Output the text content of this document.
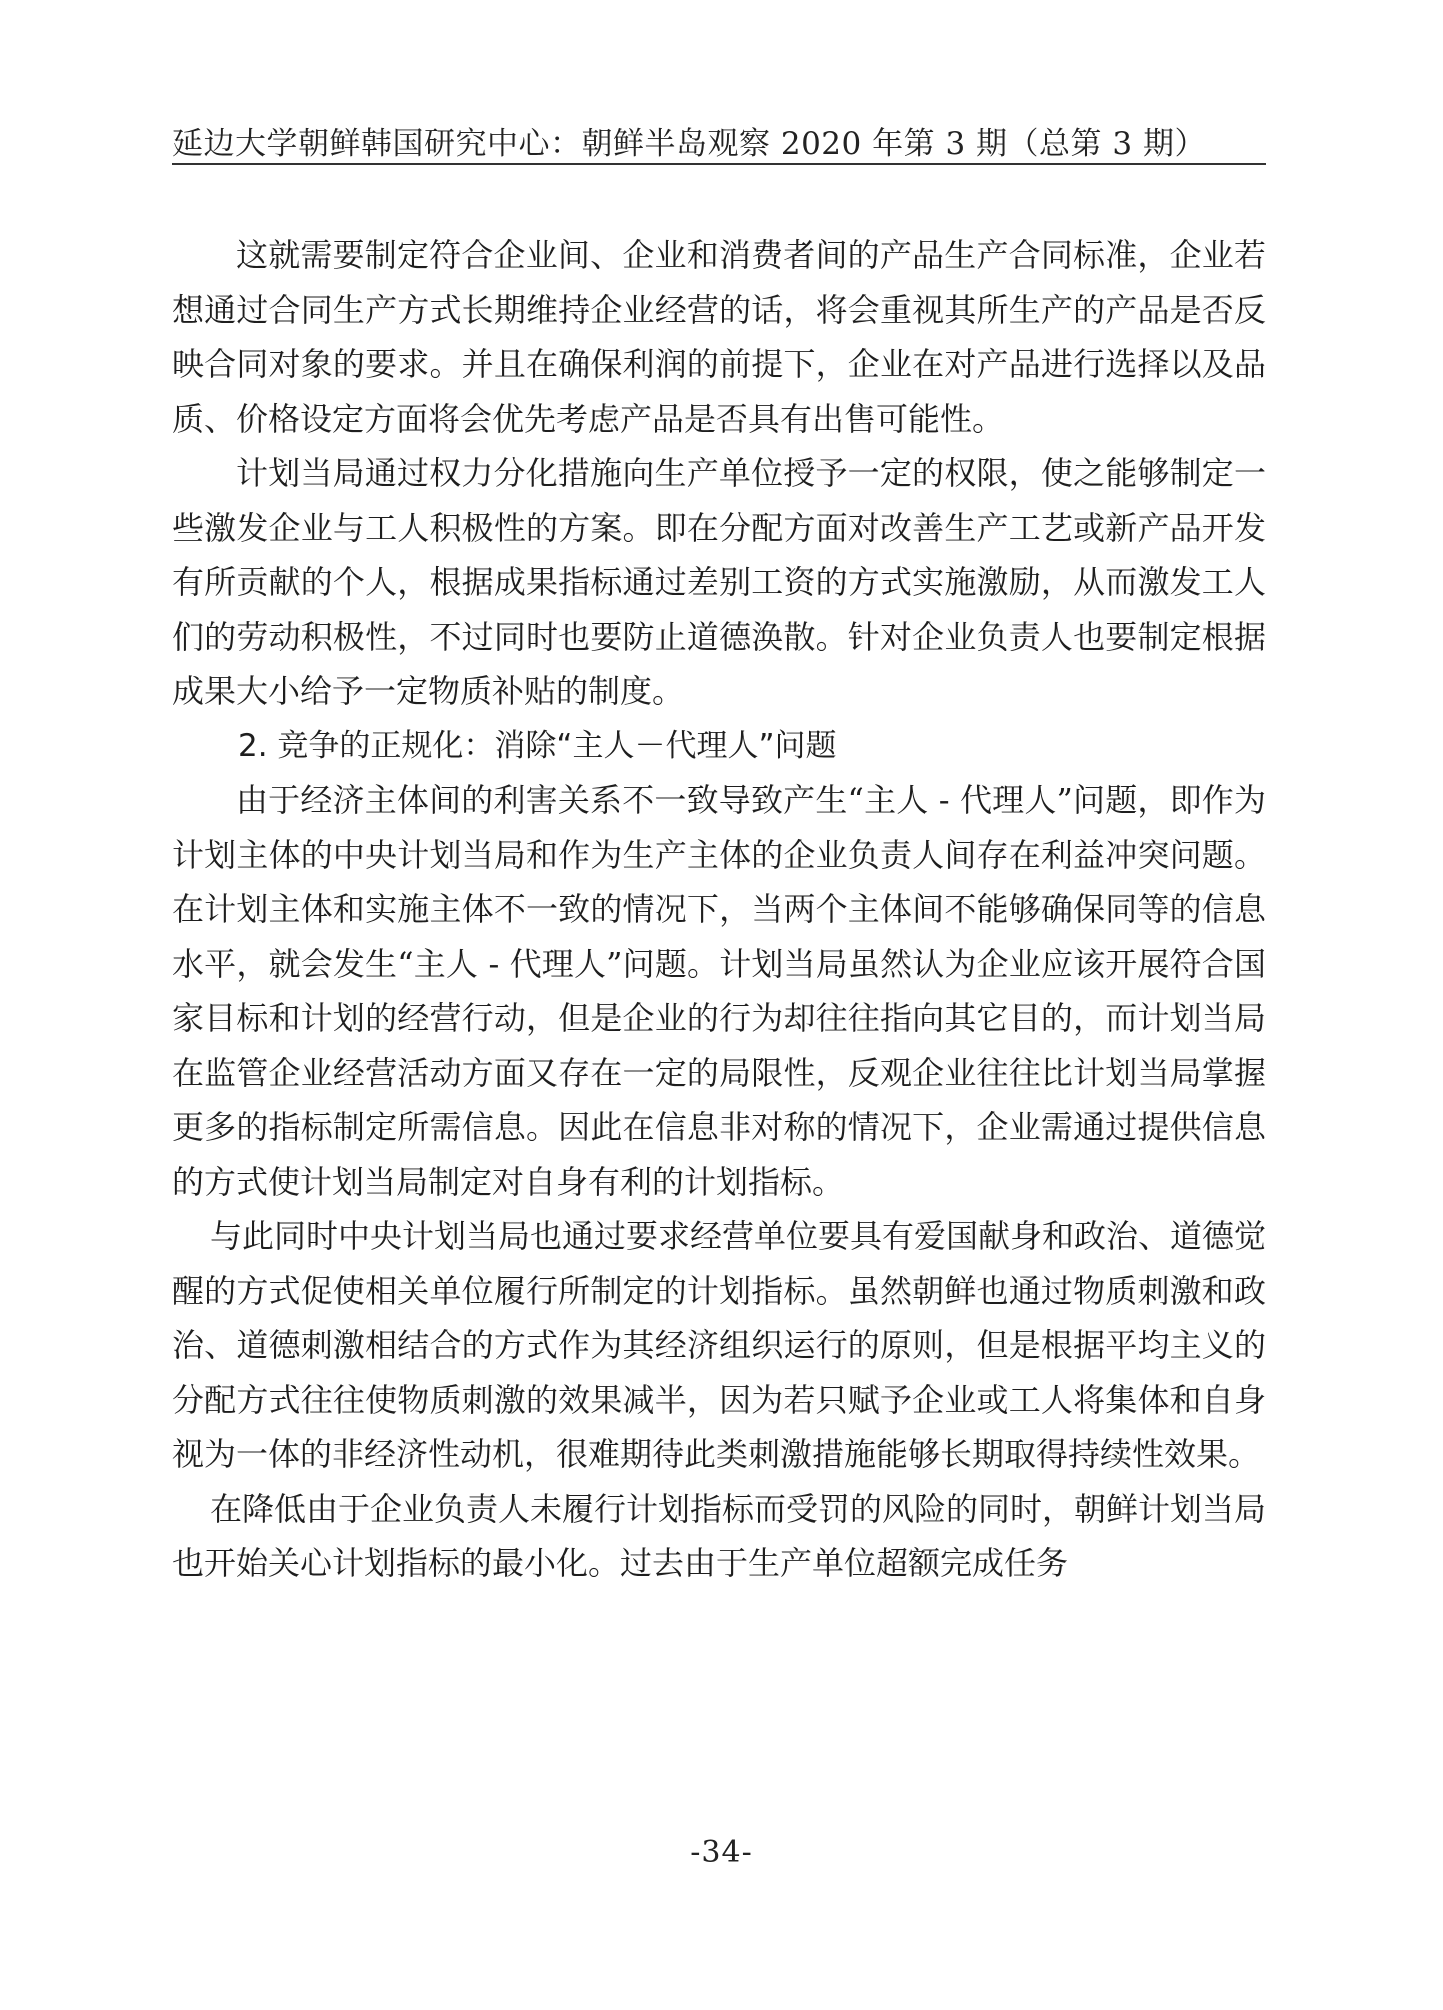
延边大学朝鲜韩国研究中心：朝鲜半岛观察 2020 年第 3 期（总第 3 期）

这就需要制定符合企业间、企业和消费者间的产品生产合同标准，企业若想通过合同生产方式长期维持企业经营的话，将会重视其所生产的产品是否反映合同对象的要求。并且在确保利润的前提下，企业在对产品进行选择以及品质、价格设定方面将会优先考虑产品是否具有出售可能性。

计划当局通过权力分化措施向生产单位授予一定的权限，使之能够制定一些激发企业与工人积极性的方案。即在分配方面对改善生产工艺或新产品开发有所贡献的个人，根据成果指标通过差别工资的方式实施激励，从而激发工人们的劳动积极性，不过同时也要防止道德涣散。针对企业负责人也要制定根据成果大小给予一定物质补贴的制度。

2. 竞争的正规化：消除“主人－代理人”问题

由于经济主体间的利害关系不一致导致产生“主人 - 代理人”问题，即作为计划主体的中央计划当局和作为生产主体的企业负责人间存在利益冲突问题。在计划主体和实施主体不一致的情况下，当两个主体间不能够确保同等的信息水平，就会发生“主人 - 代理人”问题。计划当局虽然认为企业应该开展符合国家目标和计划的经营行动，但是企业的行为却往往指向其它目的，而计划当局在监管企业经营活动方面又存在一定的局限性，反观企业往往比计划当局掌握更多的指标制定所需信息。因此在信息非对称的情况下，企业需通过提供信息的方式使计划当局制定对自身有利的计划指标。

与此同时中央计划当局也通过要求经营单位要具有爱国献身和政治、道德觉醒的方式促使相关单位履行所制定的计划指标。虽然朝鲜也通过物质刺激和政治、道德刺激相结合的方式作为其经济组织运行的原则，但是根据平均主义的分配方式往往使物质刺激的效果减半，因为若只赋予企业或工人将集体和自身视为一体的非经济性动机，很难期待此类刺激措施能够长期取得持续性效果。

在降低由于企业负责人未履行计划指标而受罚的风险的同时，朝鲜计划当局也开始关心计划指标的最小化。过去由于生产单位超额完成任务

-34-
